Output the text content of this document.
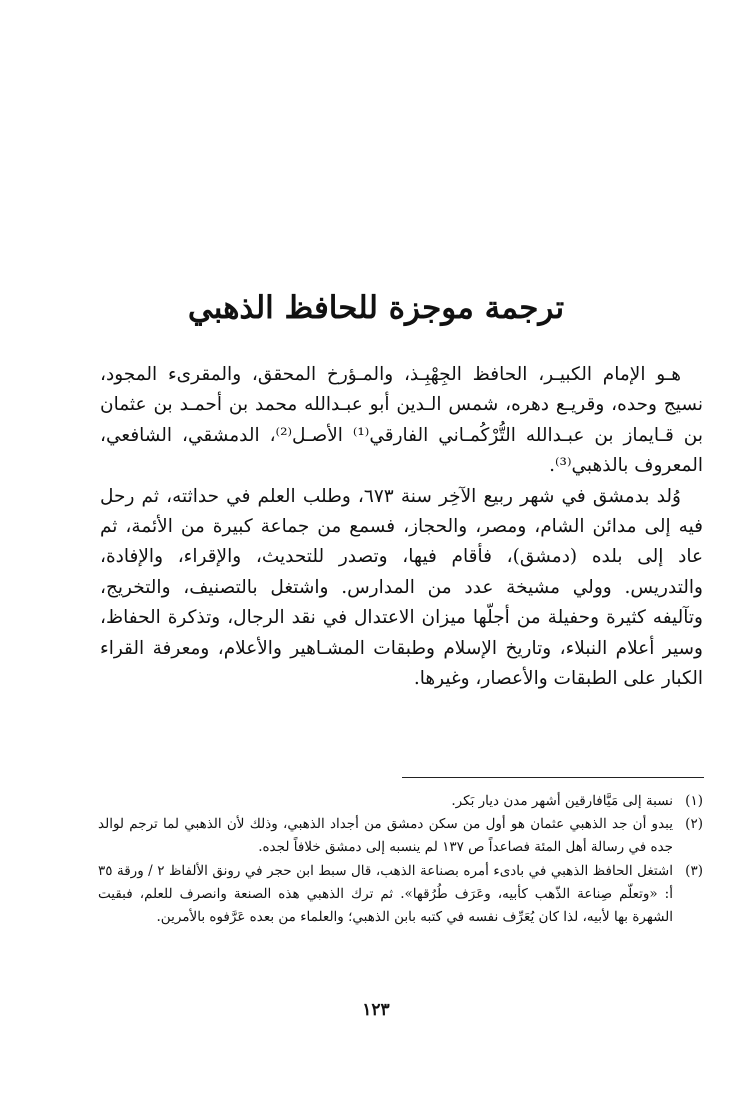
ترجمة موجزة للحافظ الذهبي

هـو الإمام الكبيـر، الحافظ الجِهْبِـذ، والمـؤرخ المحقق، والمقرىء المجود، نسيج وحده، وقريـع دهره، شمس الـدين أبو عبـدالله محمد بن أحمـد بن عثمان بن قـايماز بن عبـدالله التُّرْكُمـاني الفارقي⁽¹⁾ الأصـل⁽²⁾، الدمشقي، الشافعي، المعروف بالذهبي⁽³⁾.

وُلد بدمشق في شهر ربيع الآخِر سنة ٦٧٣، وطلب العلم في حداثته، ثم رحل فيه إلى مدائن الشام، ومصر، والحجاز، فسمع من جماعة كبيرة من الأئمة، ثم عاد إلى بلده (دمشق)، فأقام فيها، وتصدر للتحديث، والإقراء، والإفادة، والتدريس. وولي مشيخة عدد من المدارس. واشتغل بالتصنيف، والتخريج، وتآليفه كثيرة وحفيلة من أجلّها ميزان الاعتدال في نقد الرجال، وتذكرة الحفاظ، وسير أعلام النبلاء، وتاريخ الإسلام وطبقات المشـاهير والأعلام، ومعرفة القراء الكبار على الطبقات والأعصار، وغيرها.

(١)
نسبة إلى مَيَّافارقين أشهر مدن ديار بَكر.
(٢)
يبدو أن جد الذهبي عثمان هو أول من سكن دمشق من أجداد الذهبي، وذلك لأن الذهبي لما ترجم لوالد جده في رسالة أهل المئة فصاعداً ص ١٣٧ لم ينسبه إلى دمشق خلافاً لجده.
(٣)
اشتغل الحافظ الذهبي في بادىء أمره بصناعة الذهب، قال سبط ابن حجر في رونق الألفاظ ٢ / ورقة ٣٥ أ: «وتعلّم صِناعة الذّهب كأبيه، وعَرَف طُرُقها». ثم ترك الذهبي هذه الصنعة وانصرف للعلم، فبقيت الشهرة بها لأبيه، لذا كان يُعَرِّف نفسه في كتبه بابن الذهبي؛ والعلماء من بعده عَرَّفوه بالأمرين.
١٢٣
